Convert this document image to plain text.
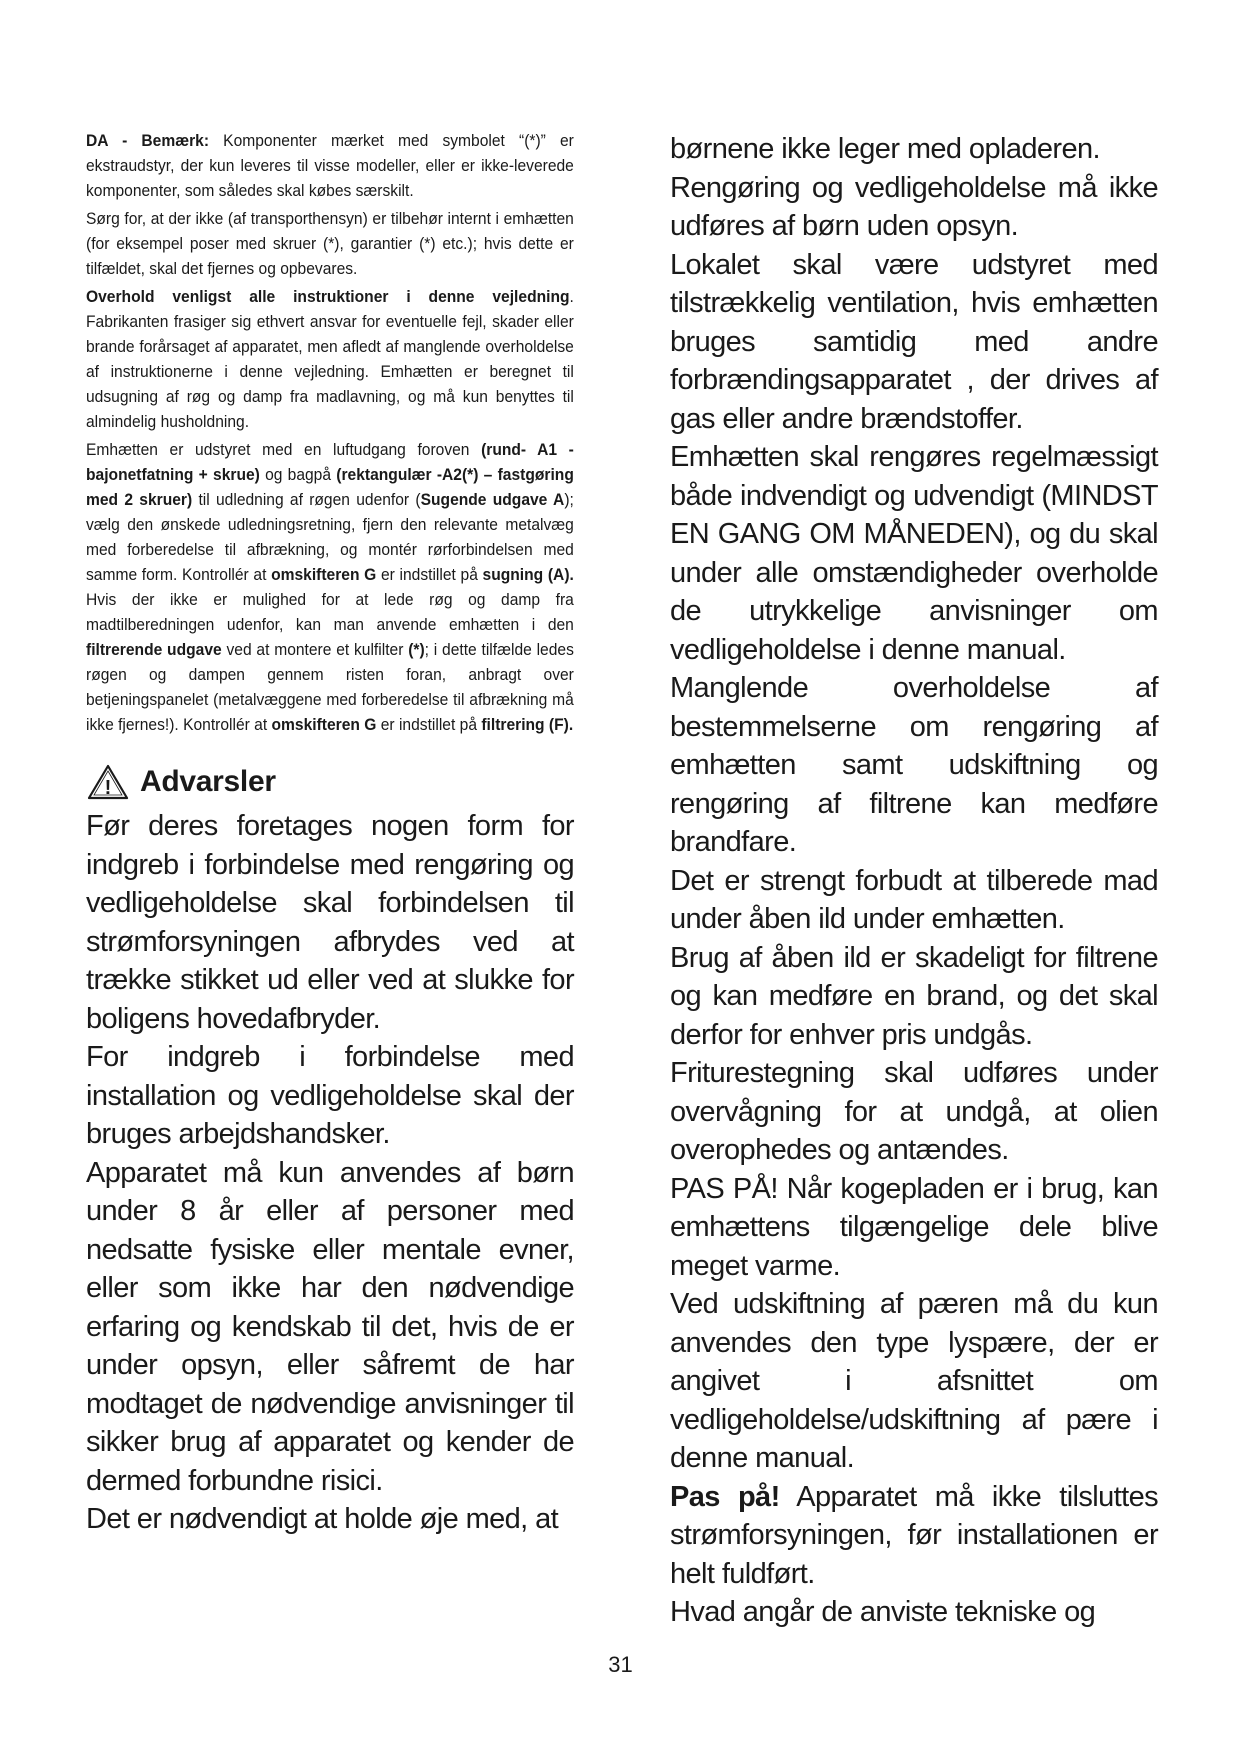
DA - Bemærk: Komponenter mærket med symbolet “(*)” er ekstraudstyr, der kun leveres til visse modeller, eller er ikke-leverede komponenter, som således skal købes særskilt.

Sørg for, at der ikke (af transporthensyn) er tilbehør internt i emhætten (for eksempel poser med skruer (*), garantier (*) etc.); hvis dette er tilfældet, skal det fjernes og opbevares.

Overhold venligst alle instruktioner i denne vejledning. Fabrikanten frasiger sig ethvert ansvar for eventuelle fejl, skader eller brande forårsaget af apparatet, men afledt af manglende overholdelse af instruktionerne i denne vejledning. Emhætten er beregnet til udsugning af røg og damp fra madlavning, og må kun benyttes til almindelig husholdning.

Emhætten er udstyret med en luftudgang foroven (rund- A1 - bajonetfatning + skrue) og bagpå (rektangulær -A2(*) – fastgøring med 2 skruer) til udledning af røgen udenfor (Sugende udgave A); vælg den ønskede udledningsretning, fjern den relevante metalvæg med forberedelse til afbrækning, og montér rørforbindelsen med samme form. Kontrollér at omskifteren G er indstillet på sugning (A). Hvis der ikke er mulighed for at lede røg og damp fra madtilberedningen udenfor, kan man anvende emhætten i den filtrerende udgave ved at montere et kulfilter (*); i dette tilfælde ledes røgen og dampen gennem risten foran, anbragt over betjeningspanelet (metalvæggene med forberedelse til afbrækning må ikke fjernes!). Kontrollér at omskifteren G er indstillet på filtrering (F).

! Advarsler

Før deres foretages nogen form for indgreb i forbindelse med rengøring og vedligeholdelse skal forbindelsen til strømforsyningen afbrydes ved at trække stikket ud eller ved at slukke for boligens hovedafbryder.

For indgreb i forbindelse med installation og vedligeholdelse skal der bruges arbejdshandsker.

Apparatet må kun anvendes af børn under 8 år eller af personer med nedsatte fysiske eller mentale evner, eller som ikke har den nødvendige erfaring og kendskab til det, hvis de er under opsyn, eller såfremt de har modtaget de nødvendige anvisninger til sikker brug af apparatet og kender de dermed forbundne risici.

Det er nødvendigt at holde øje med, at

børnene ikke leger med opladeren.

Rengøring og vedligeholdelse må ikke udføres af børn uden opsyn.

Lokalet skal være udstyret med tilstrækkelig ventilation, hvis emhætten bruges samtidig med andre forbrændingsapparatet , der drives af gas eller andre brændstoffer.

Emhætten skal rengøres regelmæssigt både indvendigt og udvendigt (MINDST EN GANG OM MÅNEDEN), og du skal under alle omstændigheder overholde de utrykkelige anvisninger om vedligeholdelse i denne manual.

Manglende overholdelse af bestemmelserne om rengøring af emhætten samt udskiftning og rengøring af filtrene kan medføre brandfare.

Det er strengt forbudt at tilberede mad under åben ild under emhætten.

Brug af åben ild er skadeligt for filtrene og kan medføre en brand, og det skal derfor for enhver pris undgås.

Friturestegning skal udføres under overvågning for at undgå, at olien overophedes og antændes.

PAS PÅ! Når kogepladen er i brug, kan emhættens tilgængelige dele blive meget varme.

Ved udskiftning af pæren må du kun anvendes den type lyspære, der er angivet i afsnittet om vedligeholdelse/udskiftning af pære i denne manual.

Pas på! Apparatet må ikke tilsluttes strømforsyningen, før installationen er helt fuldført.

Hvad angår de anviste tekniske og

31
